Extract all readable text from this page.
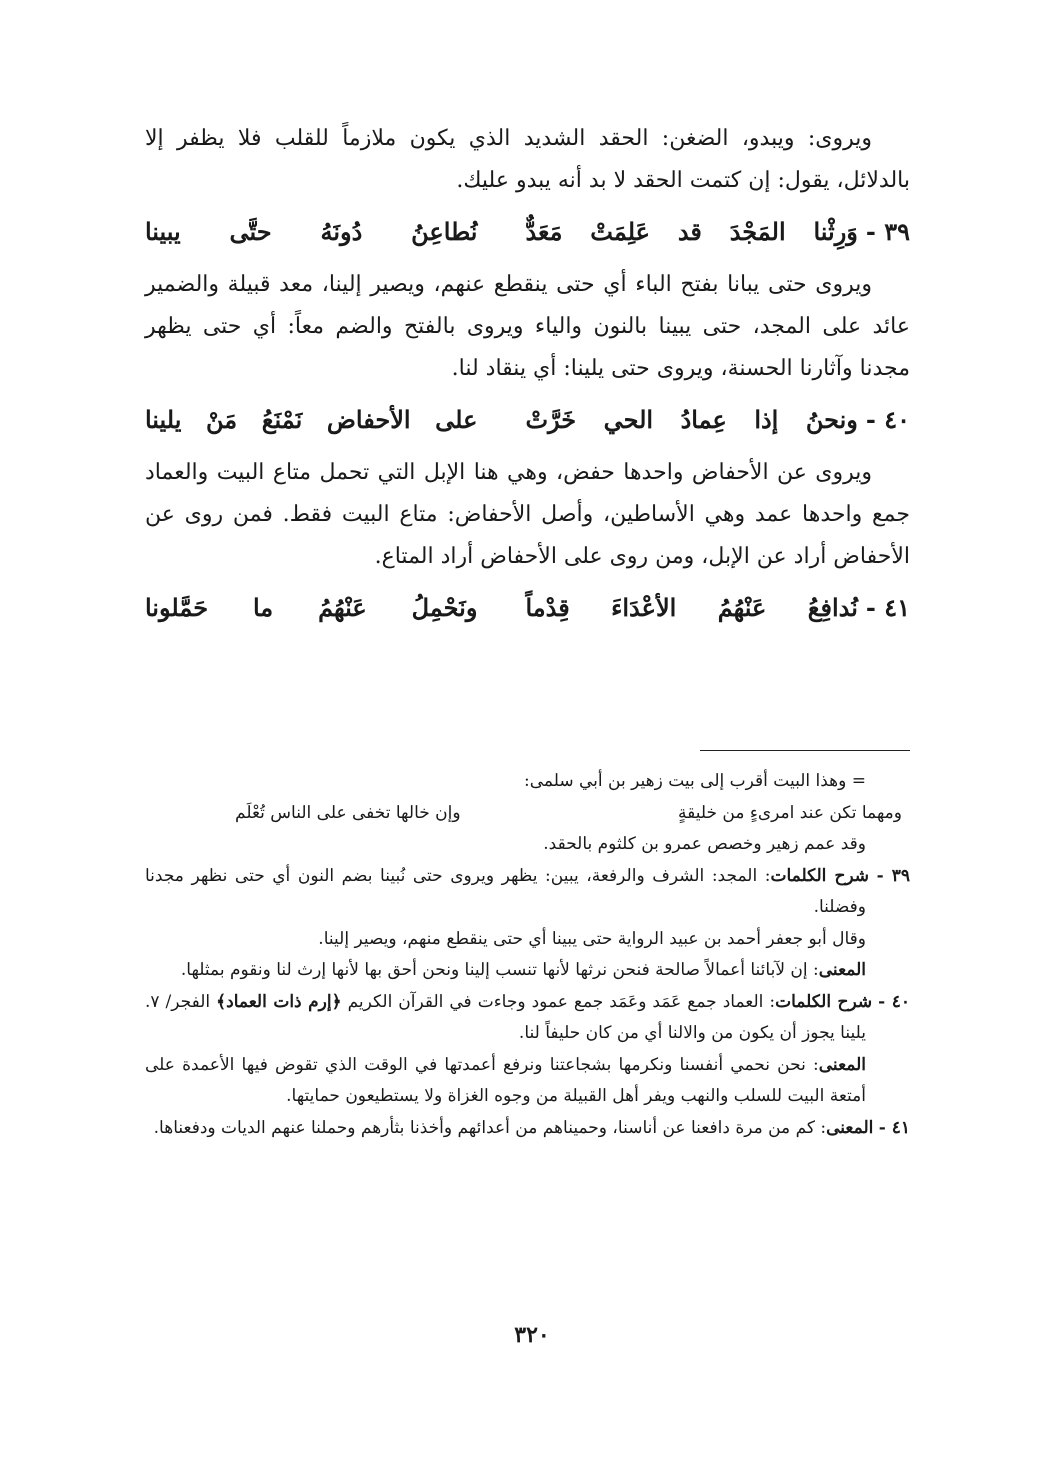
ويروى: ويبدو، الضغن: الحقد الشديد الذي يكون ملازماً للقلب فلا يظفر إلا بالدلائل، يقول: إن كتمت الحقد لا بد أنه يبدو عليك.

٣٩ -
وَرِثْنا المَجْدَ قد عَلِمَتْ مَعَدٌّ
نُطاعِنُ دُونَهُ حتَّى يبينا

ويروى حتى يبانا بفتح الباء أي حتى ينقطع عنهم، ويصير إلينا، معد قبيلة والضمير عائد على المجد، حتى يبينا بالنون والياء ويروى بالفتح والضم معاً: أي حتى يظهر مجدنا وآثارنا الحسنة، ويروى حتى يلينا: أي ينقاد لنا.

٤٠ -
ونحنُ إذا عِمادُ الحي خَرَّتْ
على الأحفاض نَمْنَعُ مَنْ يلينا

ويروى عن الأحفاض واحدها حفض، وهي هنا الإبل التي تحمل متاع البيت والعماد جمع واحدها عمد وهي الأساطين، وأصل الأحفاض: متاع البيت فقط. فمن روى عن الأحفاض أراد عن الإبل، ومن روى على الأحفاض أراد المتاع.

٤١ -
نُدافِعُ عَنْهُمُ الأعْدَاءَ قِدْماً
ونَحْمِلُ عَنْهُمُ ما حَمَّلونا

= وهذا البيت أقرب إلى بيت زهير بن أبي سلمى:

ومهما تكن عند امرىءٍ من خليقةٍ
وإن خالها تخفى على الناس تُعْلَم

وقد عمم زهير وخصص عمرو بن كلثوم بالحقد.

٣٩ - شرح الكلمات: المجد: الشرف والرفعة، يبين: يظهر ويروى حتى نُبينا بضم النون أي حتى نظهر مجدنا وفضلنا.

وقال أبو جعفر أحمد بن عبيد الرواية حتى يبينا أي حتى ينقطع منهم، ويصير إلينا.

المعنى: إن لآبائنا أعمالاً صالحة فنحن نرثها لأنها تنسب إلينا ونحن أحق بها لأنها إرث لنا ونقوم بمثلها.

٤٠ - شرح الكلمات: العماد جمع عَمَد وعَمَد جمع عمود وجاءت في القرآن الكريم ﴿إرم ذات العماد﴾ الفجر/ ٧. يلينا يجوز أن يكون من والالنا أي من كان حليفاً لنا.

المعنى: نحن نحمي أنفسنا ونكرمها بشجاعتنا ونرفع أعمدتها في الوقت الذي تقوض فيها الأعمدة على أمتعة البيت للسلب والنهب ويفر أهل القبيلة من وجوه الغزاة ولا يستطيعون حمايتها.

٤١ - المعنى: كم من مرة دافعنا عن أناسنا، وحميناهم من أعدائهم وأخذنا بثأرهم وحملنا عنهم الديات ودفعناها.

٣٢٠
